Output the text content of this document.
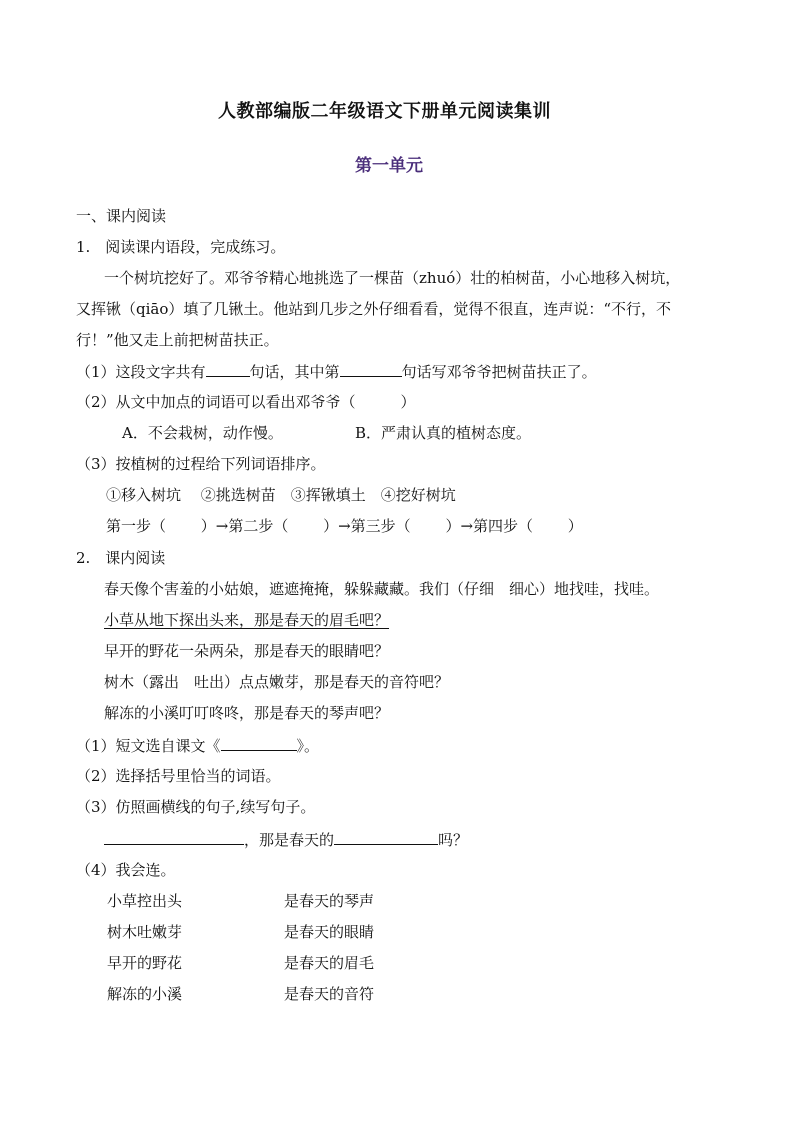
人教部编版二年级语文下册单元阅读集训
第一单元
一、课内阅读
1.　阅读课内语段，完成练习。
一个树坑挖好了。邓爷爷精心地挑选了一棵苗（zhuó）壮的柏树苗，小心地移入树坑，
又挥锹（qiāo）填了几锹土。他站到几步之外仔细看看，觉得不很直，连声说：“不行，不
行！”他又走上前把树苗扶正。
（1）这段文字共有	句话，其中第	句话写邓爷爷把树苗扶正了。
（2）从文中加点的词语可以看出邓爷爷（　　　）
A．不会栽树，动作慢。	B．严肃认真的植树态度。
（3）按植树的过程给下列词语排序。
①移入树坑　 ②挑选树苗　③挥锹填土　④挖好树坑
第一步（　　 ）→第二步（　　 ）→第三步（　　 ）→第四步（　　 ）
2.　课内阅读
春天像个害羞的小姑娘，遮遮掩掩，躲躲藏藏。我们（仔细　细心）地找哇，找哇。
小草从地下探出头来，那是春天的眉毛吧？
早开的野花一朵两朵，那是春天的眼睛吧？
树木（露出　吐出）点点嫩芽，那是春天的音符吧？
解冻的小溪叮叮咚咚，那是春天的琴声吧？
（1）短文选自课文《	》。
（2）选择括号里恰当的词语。
（3）仿照画横线的句子,续写句子。
，那是春天的	吗？
（4）我会连。
小草控出头	是春天的琴声
树木吐嫩芽	是春天的眼睛
早开的野花	是春天的眉毛
解冻的小溪	是春天的音符
